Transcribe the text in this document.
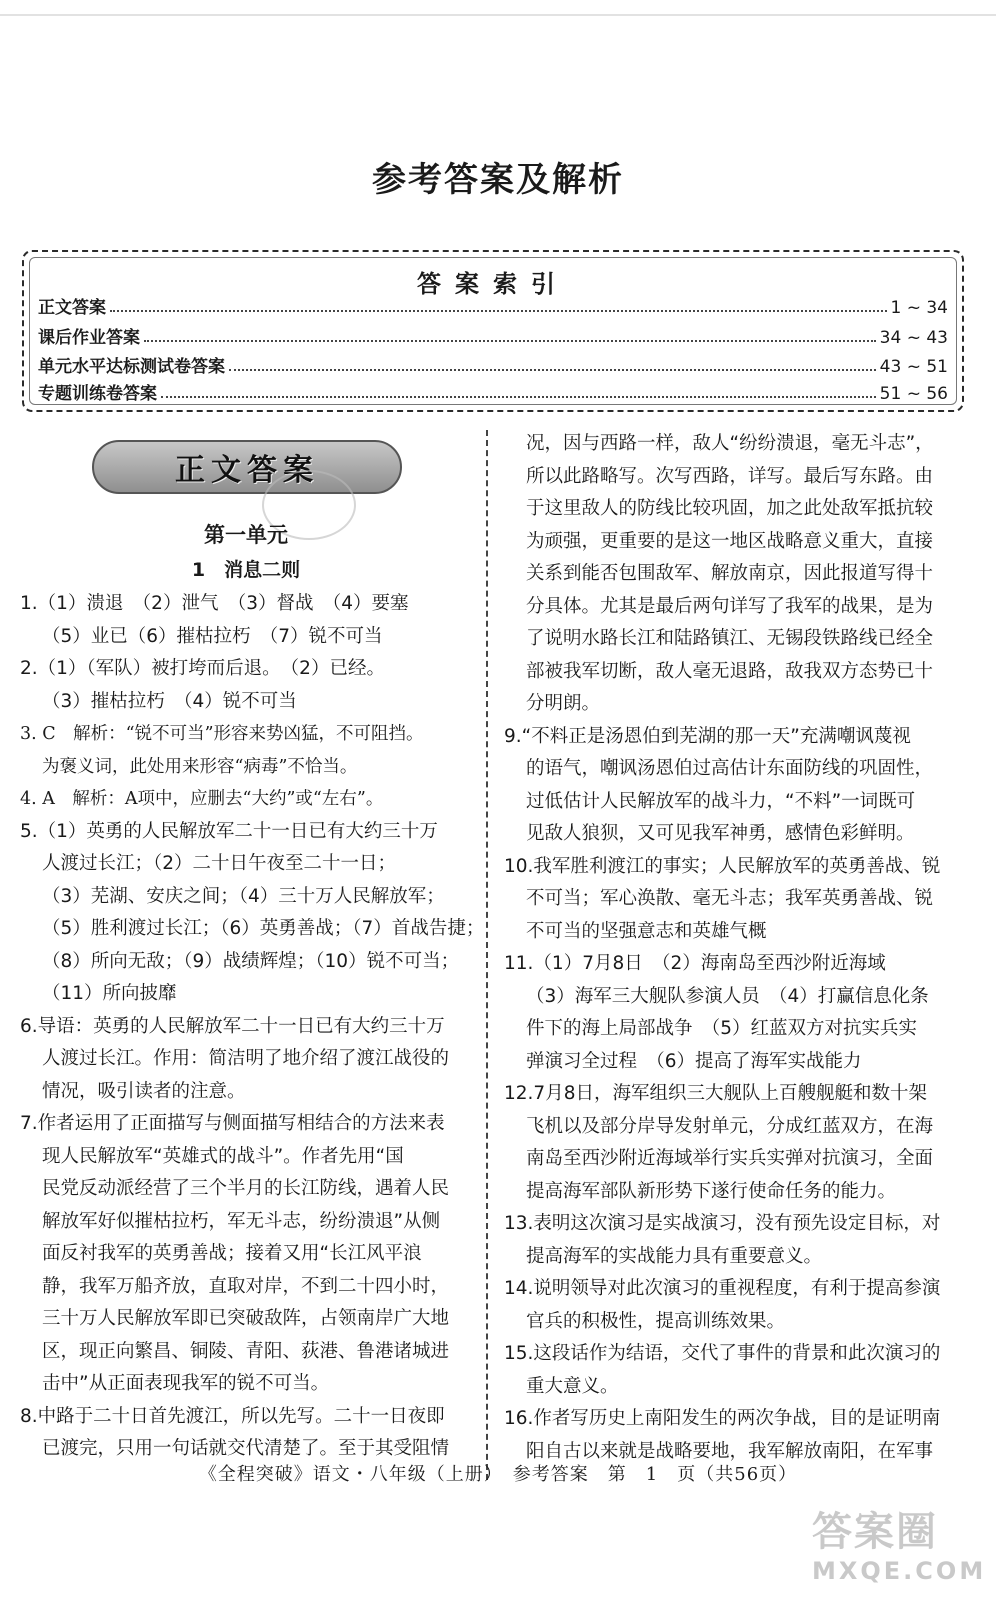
参考答案及解析
答案索引
正文答案	1 ~ 34
课后作业答案	34 ~ 43
单元水平达标测试卷答案	43 ~ 51
专题训练卷答案	51 ~ 56
正文答案
第一单元
1　消息二则
1.（1）溃退　（2）泄气　（3）督战　（4）要塞
（5）业已（6）摧枯拉朽　（7）锐不可当
2.（1）（军队）被打垮而后退。　（2）已经。
（3）摧枯拉朽　（4）锐不可当
3. C　解析：“锐不可当”形容来势凶猛，不可阻挡。
为褒义词，此处用来形容“病毒”不恰当。
4. A　解析：A项中，应删去“大约”或“左右”。
5.（1）英勇的人民解放军二十一日已有大约三十万
人渡过长江；（2）二十日午夜至二十一日；
（3）芜湖、安庆之间；（4）三十万人民解放军；
（5）胜利渡过长江；（6）英勇善战；（7）首战告捷；
（8）所向无敌；（9）战绩辉煌；（10）锐不可当；
（11）所向披靡
6.导语：英勇的人民解放军二十一日已有大约三十万
人渡过长江。作用：简洁明了地介绍了渡江战役的
情况，吸引读者的注意。
7.作者运用了正面描写与侧面描写相结合的方法来表
现人民解放军“英雄式的战斗”。作者先用“国
民党反动派经营了三个半月的长江防线，遇着人民
解放军好似摧枯拉朽，军无斗志，纷纷溃退”从侧
面反衬我军的英勇善战；接着又用“长江风平浪
静，我军万船齐放，直取对岸，不到二十四小时，
三十万人民解放军即已突破敌阵，占领南岸广大地
区，现正向繁昌、铜陵、青阳、荻港、鲁港诸城进
击中”从正面表现我军的锐不可当。
8.中路于二十日首先渡江，所以先写。二十一日夜即
已渡完，只用一句话就交代清楚了。至于其受阻情
况，因与西路一样，敌人“纷纷溃退，毫无斗志”，
所以此路略写。次写西路，详写。最后写东路。由
于这里敌人的防线比较巩固，加之此处敌军抵抗较
为顽强，更重要的是这一地区战略意义重大，直接
关系到能否包围敌军、解放南京，因此报道写得十
分具体。尤其是最后两句详写了我军的战果，是为
了说明水路长江和陆路镇江、无锡段铁路线已经全
部被我军切断，敌人毫无退路，敌我双方态势已十
分明朗。
9.“不料正是汤恩伯到芜湖的那一天”充满嘲讽蔑视
的语气，嘲讽汤恩伯过高估计东面防线的巩固性，
过低估计人民解放军的战斗力，“不料”一词既可
见敌人狼狈，又可见我军神勇，感情色彩鲜明。
10.我军胜利渡江的事实；人民解放军的英勇善战、锐
不可当；军心涣散、毫无斗志；我军英勇善战、锐
不可当的坚强意志和英雄气概
11.（1）7月8日　（2）海南岛至西沙附近海域
（3）海军三大舰队参演人员　（4）打赢信息化条
件下的海上局部战争　（5）红蓝双方对抗实兵实
弹演习全过程　（6）提高了海军实战能力
12.7月8日，海军组织三大舰队上百艘舰艇和数十架
飞机以及部分岸导发射单元，分成红蓝双方，在海
南岛至西沙附近海域举行实兵实弹对抗演习，全面
提高海军部队新形势下遂行使命任务的能力。
13.表明这次演习是实战演习，没有预先设定目标，对
提高海军的实战能力具有重要意义。
14.说明领导对此次演习的重视程度，有利于提高参演
官兵的积极性，提高训练效果。
15.这段话作为结语，交代了事件的背景和此次演习的
重大意义。
16.作者写历史上南阳发生的两次争战，目的是证明南
阳自古以来就是战略要地，我军解放南阳，在军事
《全程突破》语文・八年级（上册）　参考答案　第　1　页（共56页）
答案圈
MXQE.COM
